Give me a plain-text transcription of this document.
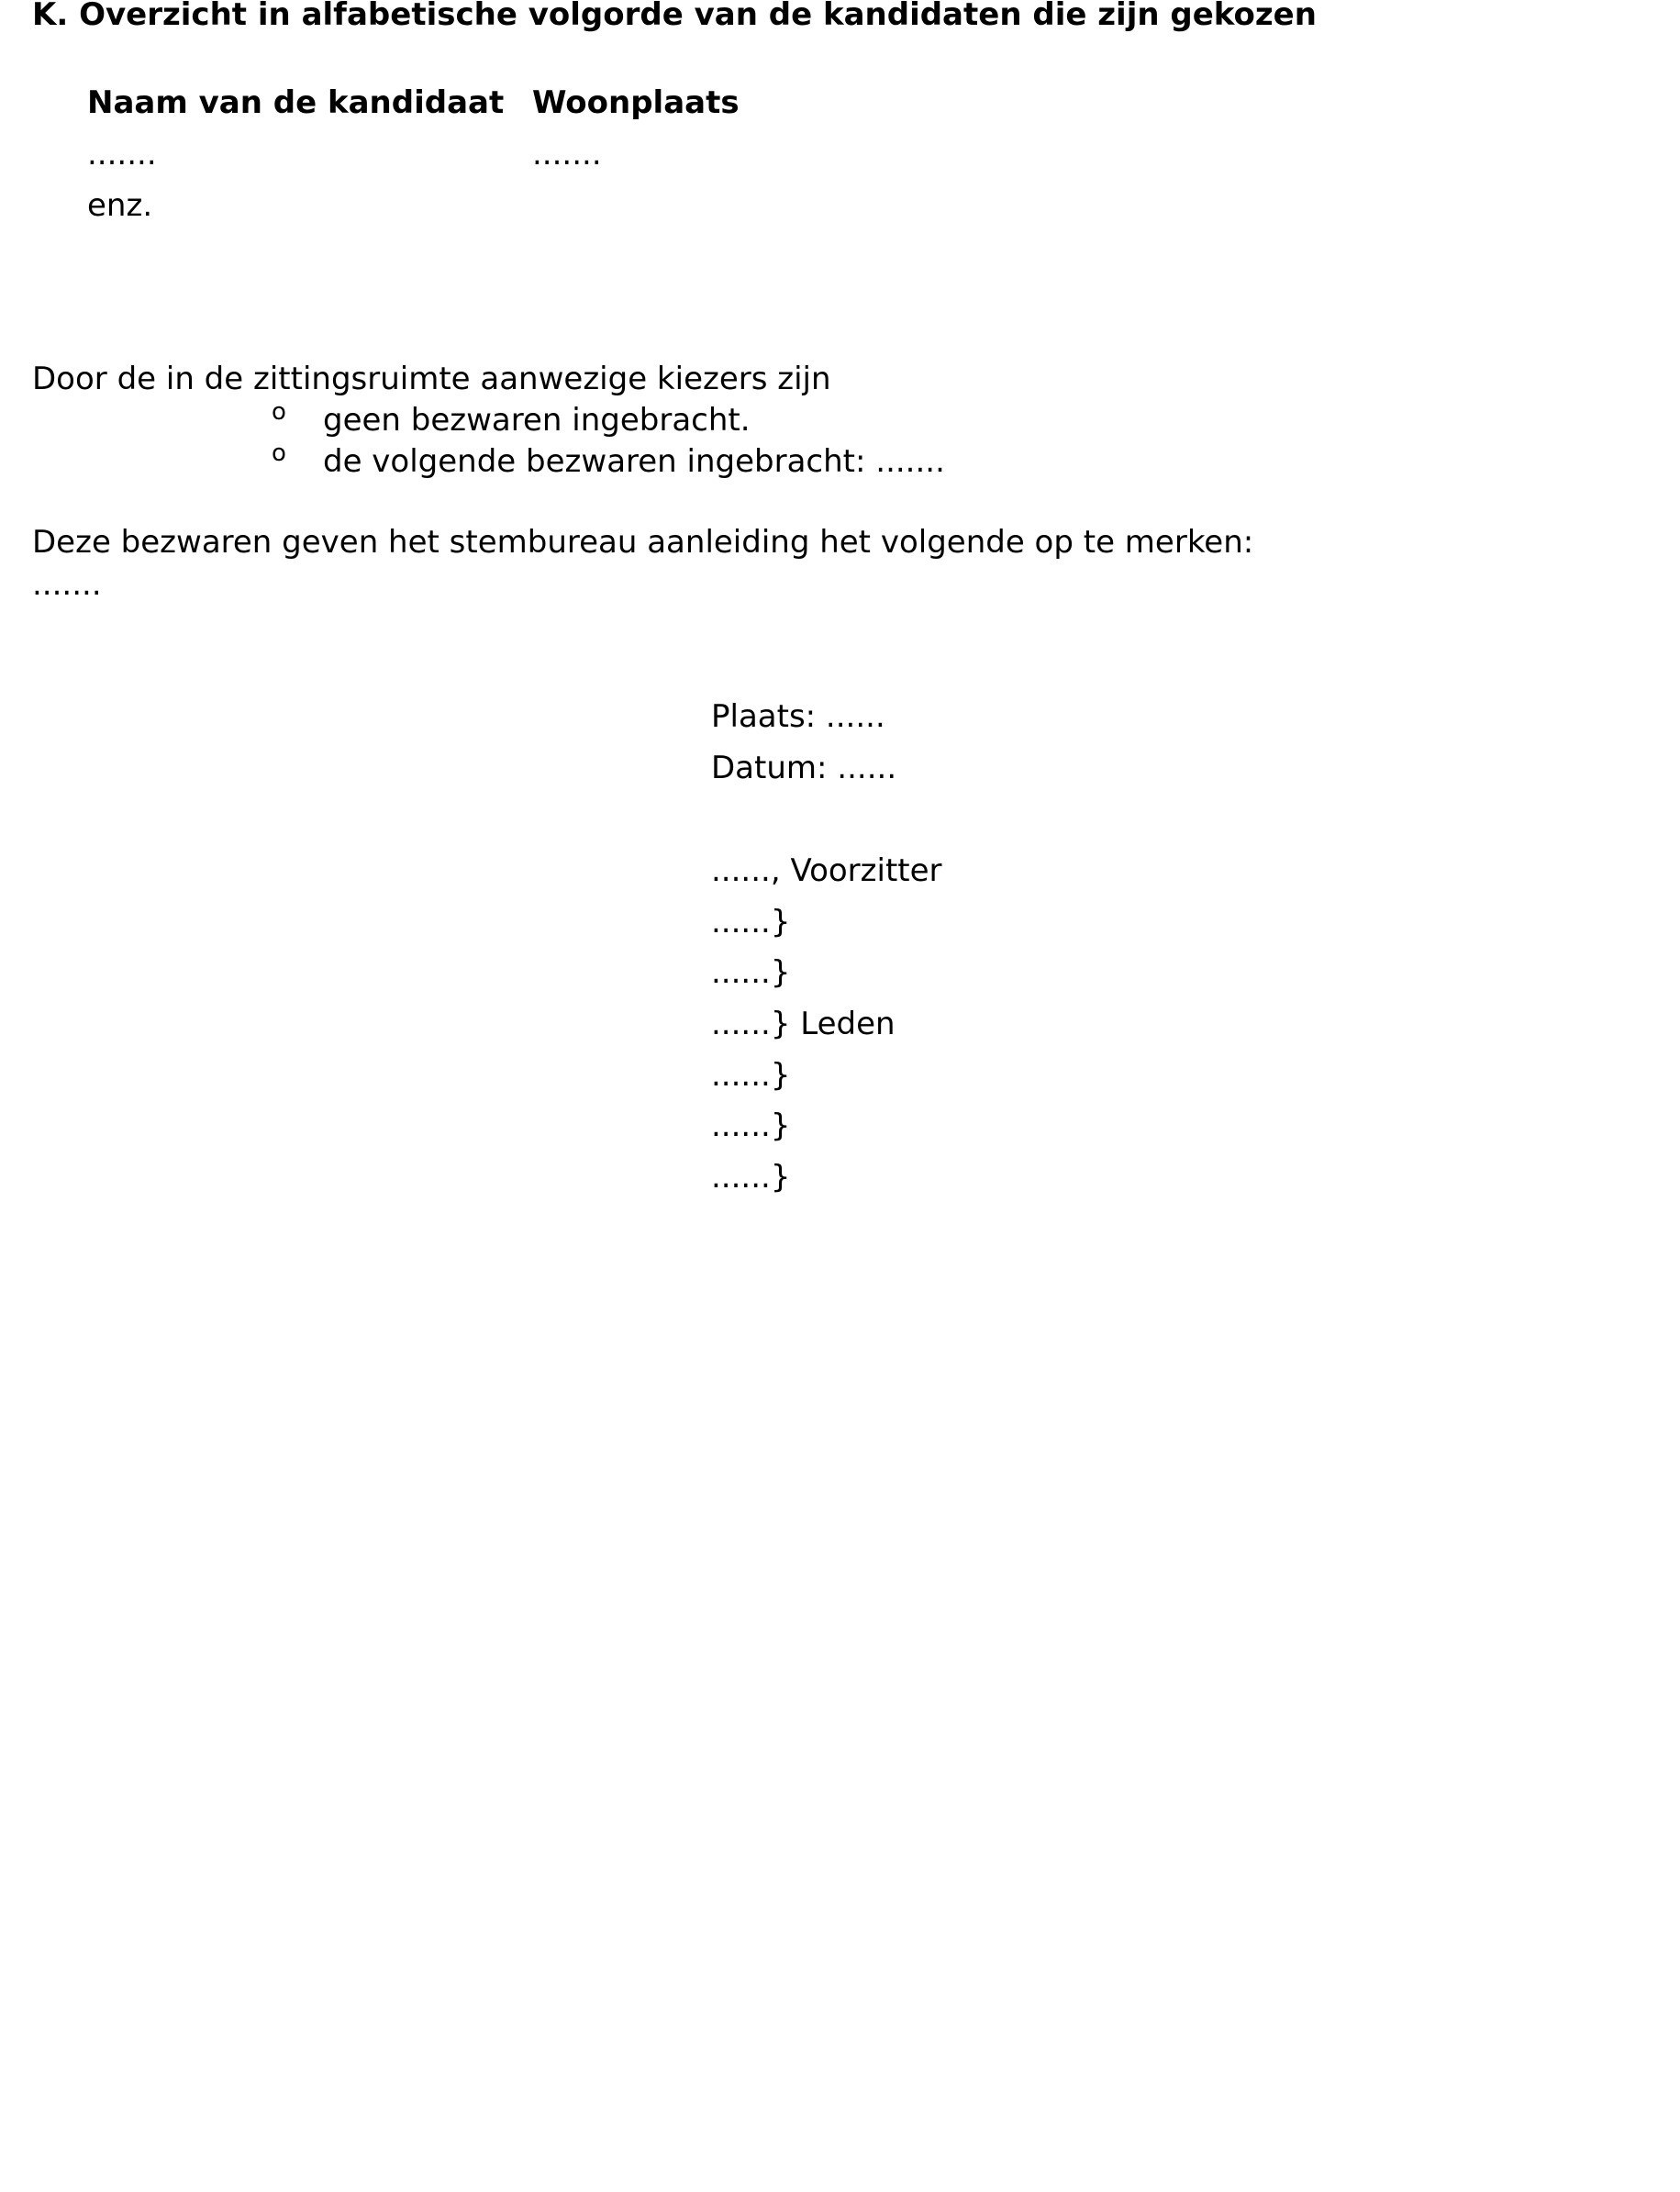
K. Overzicht in alfabetische volgorde van de kandidaten die zijn gekozen
Naam van de kandidaat Woonplaats
.......	.......
enz.
Door de in de zittingsruimte aanwezige kiezers zijn
o geen bezwaren ingebracht.
o de volgende bezwaren ingebracht: .......
Deze bezwaren geven het stembureau aanleiding het volgende op te merken:
.......
Plaats: ......
Datum: ......
......, Voorzitter
......}
......}
......} Leden
......}
......}
......}
